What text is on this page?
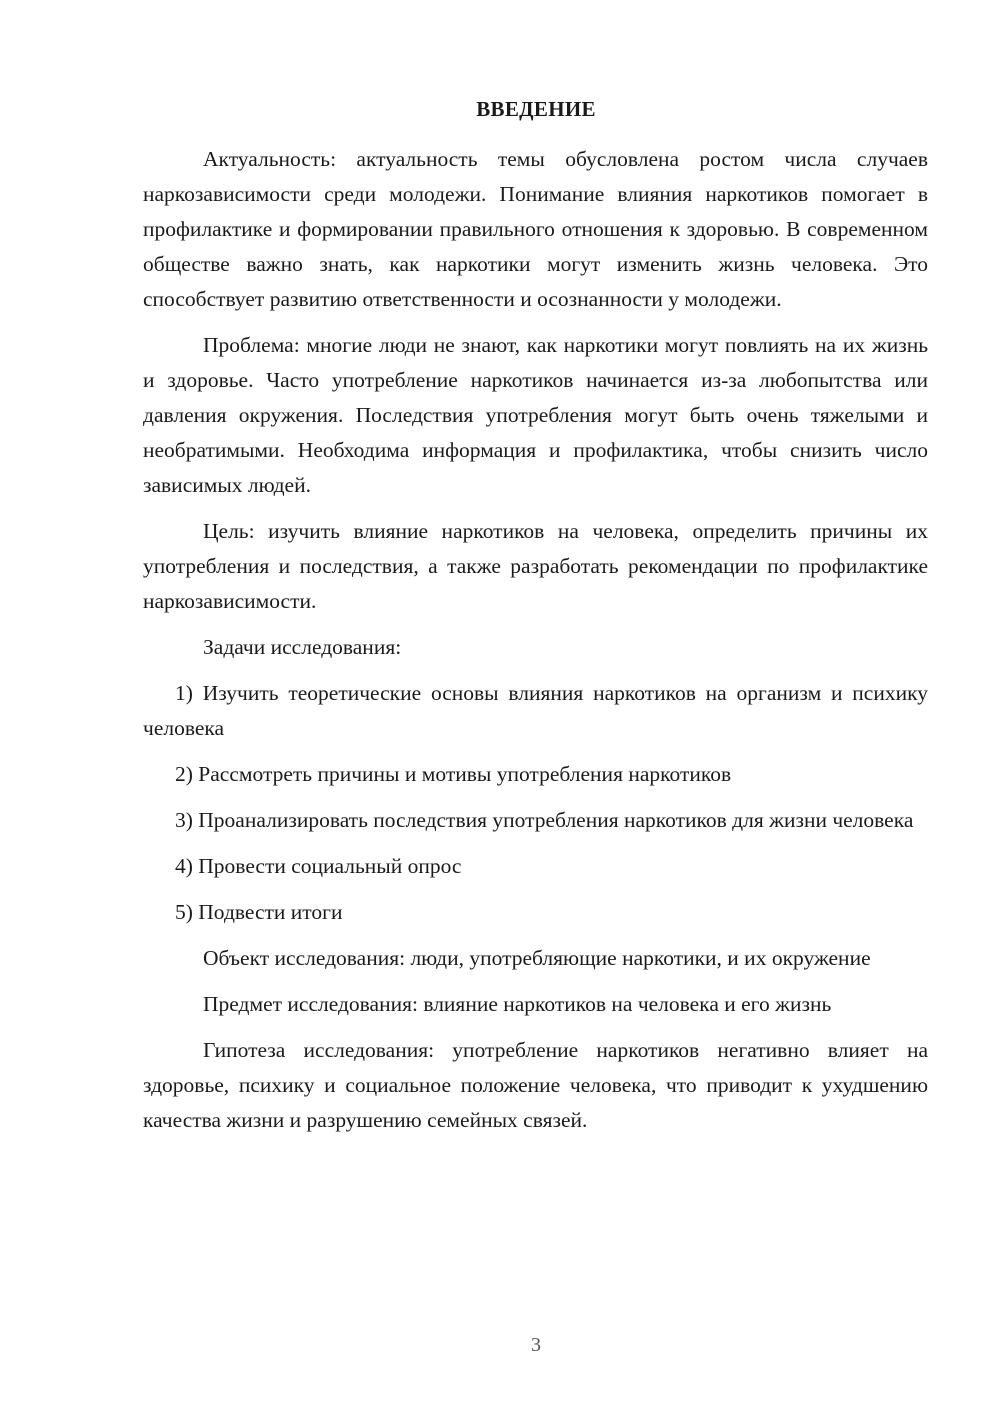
ВВЕДЕНИЕ

Актуальность: актуальность темы обусловлена ростом числа случаев наркозависимости среди молодежи. Понимание влияния наркотиков помогает в профилактике и формировании правильного отношения к здоровью. В современном обществе важно знать, как наркотики могут изменить жизнь человека. Это способствует развитию ответственности и осознанности у молодежи.

Проблема: многие люди не знают, как наркотики могут повлиять на их жизнь и здоровье. Часто употребление наркотиков начинается из-за любопытства или давления окружения. Последствия употребления могут быть очень тяжелыми и необратимыми. Необходима информация и профилактика, чтобы снизить число зависимых людей.

Цель: изучить влияние наркотиков на человека, определить причины их употребления и последствия, а также разработать рекомендации по профилактике наркозависимости.

Задачи исследования:

1) Изучить теоретические основы влияния наркотиков на организм и психику человека

2) Рассмотреть причины и мотивы употребления наркотиков

3) Проанализировать последствия употребления наркотиков для жизни человека

4) Провести социальный опрос

5) Подвести итоги

Объект исследования: люди, употребляющие наркотики, и их окружение

Предмет исследования: влияние наркотиков на человека и его жизнь

Гипотеза исследования: употребление наркотиков негативно влияет на здоровье, психику и социальное положение человека, что приводит к ухудшению качества жизни и разрушению семейных связей.

3
